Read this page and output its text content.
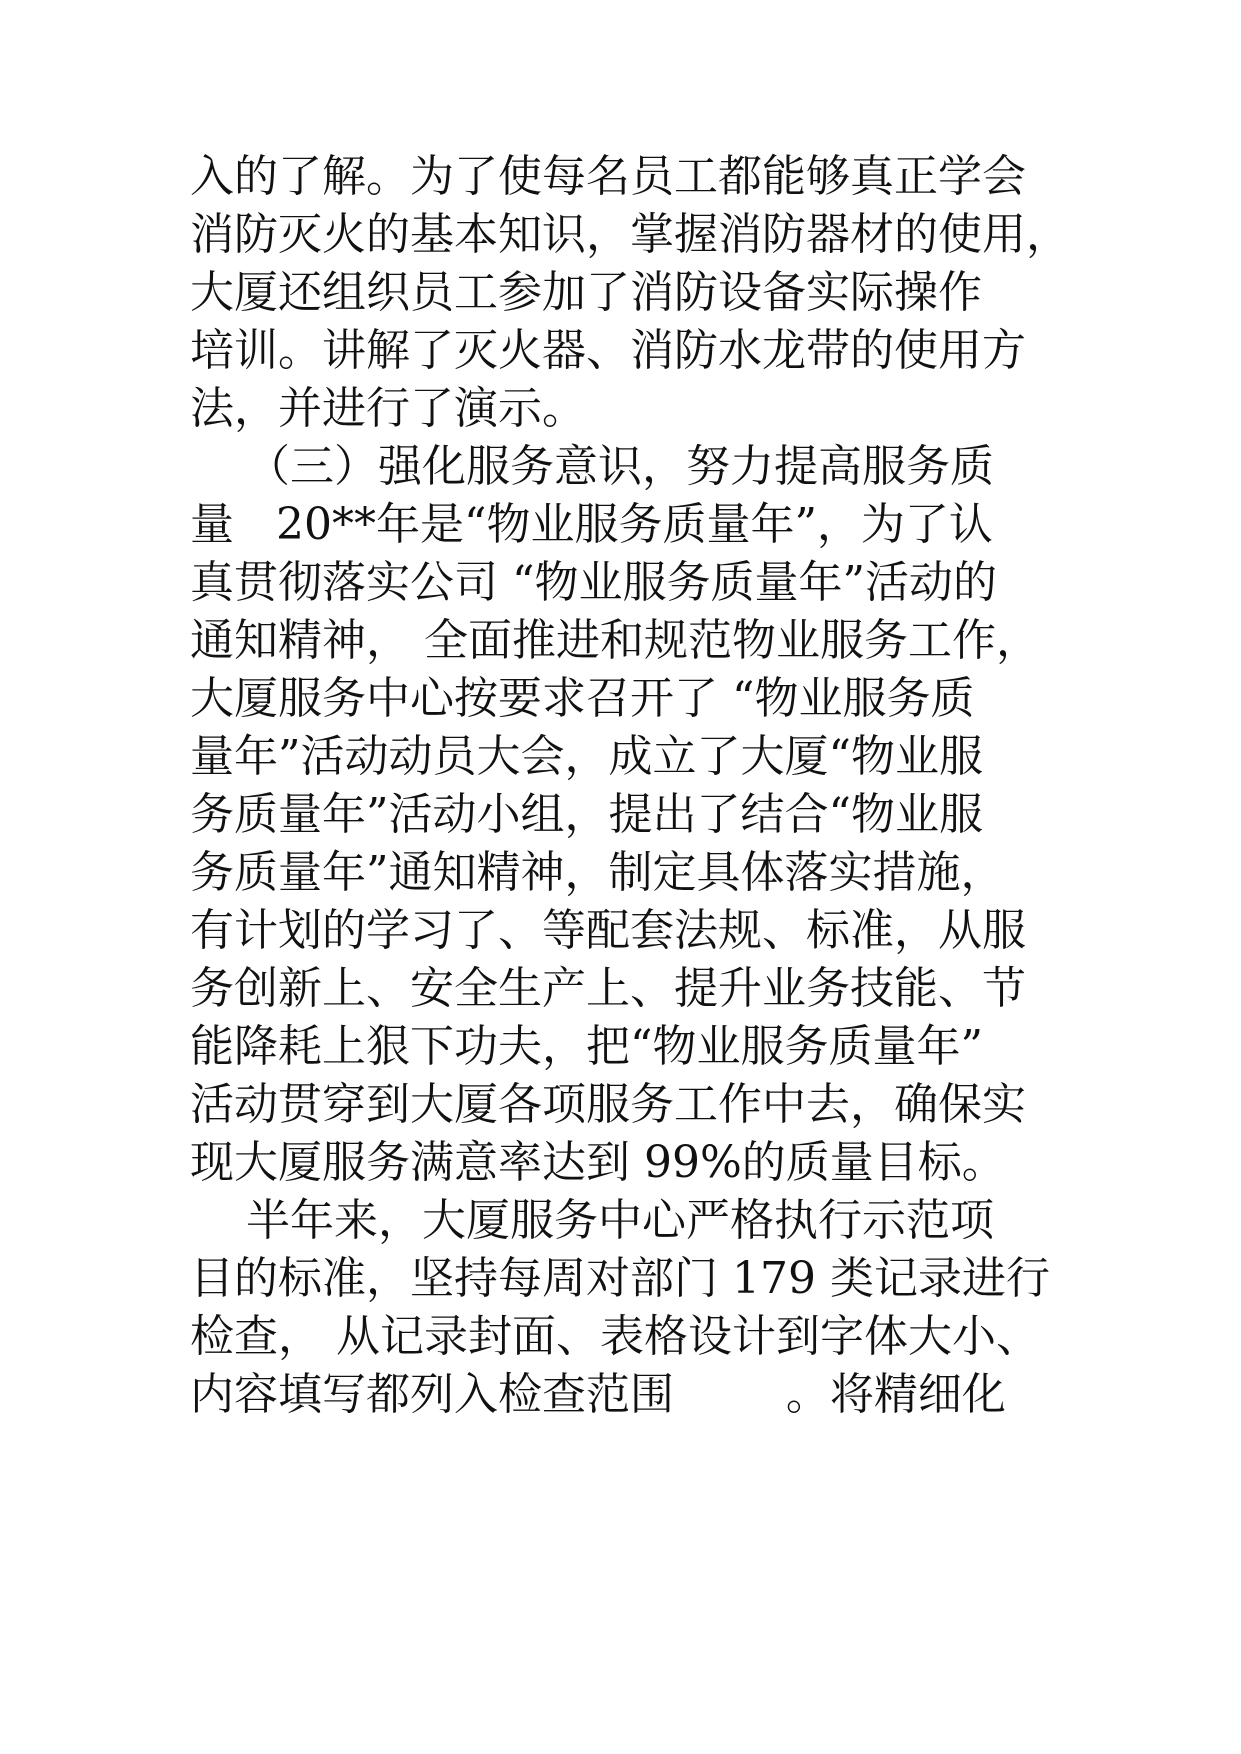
入的了解。为了使每名员工都能够真正学会
消防灭火的基本知识，掌握消防器材的使用，
大厦还组织员工参加了消防设备实际操作
培训。讲解了灭火器、消防水龙带的使用方
法，并进行了演示。
（三）强化服务意识，努力提高服务质
量   20**年是“物业服务质量年”，为了认
真贯彻落实公司 “物业服务质量年”活动的
通知精神， 全面推进和规范物业服务工作，
大厦服务中心按要求召开了 “物业服务质
量年”活动动员大会，成立了大厦“物业服
务质量年”活动小组，提出了结合“物业服
务质量年”通知精神，制定具体落实措施，
有计划的学习了、等配套法规、标准，从服
务创新上、安全生产上、提升业务技能、节
能降耗上狠下功夫，把“物业服务质量年”
活动贯穿到大厦各项服务工作中去，确保实
现大厦服务满意率达到 99%的质量目标。
半年来，大厦服务中心严格执行示范项
目的标准，坚持每周对部门 179 类记录进行
检查， 从记录封面、表格设计到字体大小、
内容填写都列入检查范围        。将精细化
